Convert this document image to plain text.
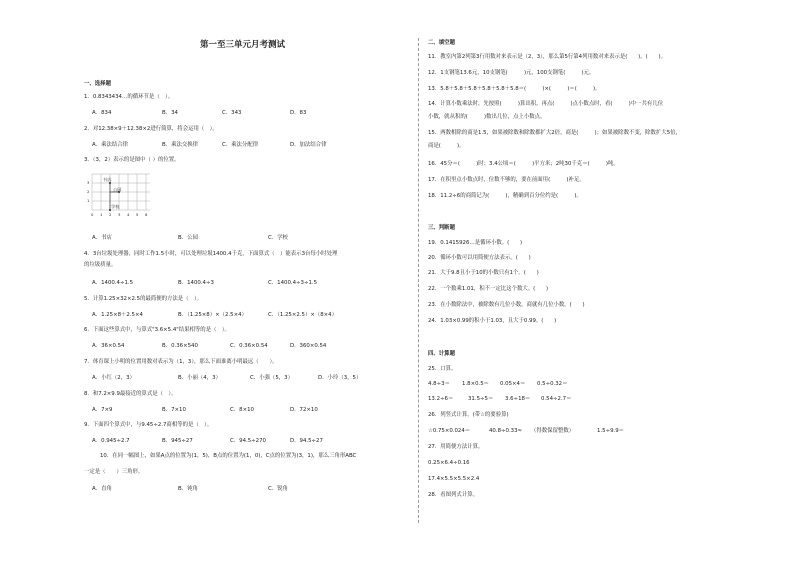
第一至三单元月考测试
一、选择题
1．0.8343434…的循环节是（　）。
A．834	B．34	C．343	D．83
2．对12.38×9＋12.38×2进行简算，将会运用（　）。
A．乘法结合律	B．乘法交换律	C．乘法分配律	D．加法结合律
3．（3，2）表示的是图中（ ）的位置。
书店
公园
学校
3
2
1
0 1 2 3 4 5 6
A．书店	B．公园	C．学校
4．3台垃圾处理器，同时工作1.5小时，可以处理垃圾1400.4千克，下面算式（　）能表示3台每小时处理
的垃圾质量。
A．1400.4÷1.5	B．1400.4÷3	C．1400.4÷3÷1.5
5．计算1.25×32×2.5的最简便的方法是（　）。
A．1.25×8＋2.5×4	B．（1.25×8）×（2.5×4）	C．（1.25×2.5）×（8×4）
6．下面这些算式中，与算式"3.6×5.4"结果相等的是（　）。
A．36×0.54	B．0.36×540	C．0.36×0.54	D．360×0.54
7．体育课上小明的位置用数对表示为（1，3），那么下面谁离小明最远（　　）。
A．小红（2，3）	B．小丽（4，3）	C．小强（5，3）	D．小玲（3，5）
8．和7.2×9.9最接近的算式是（　）。
A．7×9	B．7×10	C．8×10	D．72×10
9．下面四个算式中，与9.45÷2.7商相等的是（　）。
A．0.945÷2.7	B．945÷27	C．94.5÷270	D．94.5÷27
10．在同一幅图上，如果A点的位置为(1，5)，B点的位置为(1，0)，C点的位置为(3，1)，那么三角形ABC
一定是（　　）三角形。
A．直角	B．钝角	C．锐角
二、填空题
11．教室内第2列第3行用数对来表示是（2，3），那么第5行第4列用数对来表示是(　　)。(　　)。
12．1支钢笔13.6元，10支钢笔(　　　)元，100支钢笔(　　　)元。
13．5.8＋5.8＋5.8＋5.8＋5.8＋5.8＝(　　　)×(　　　)＝(　　　)。
14．计算小数乘法时，先按照(　　　)算出积，再点(　　　)点小数点时，看(　　　)中一共有几位
小数，就从积的(　　　)数出几位，点上小数点。
15．两数相除的商是1.5，如果被除数和除数都扩大2倍，商是(　　　)；如果被除数不变，除数扩大5倍，
商是(　　　)。
16．45分＝(　　　)时；3.4公顷＝(　　　)平方米；2吨30千克＝(　　　)吨。
17．在积里点小数点时，位数不够的，要在前面用(　　　)补足。
18．11.2÷6的商简记为(　　　)，精确到百分位约是(　　　)。
三、判断题
19．0.1415926…是循环小数。(　　)
20．循环小数可以用简便方法表示。(　　)
21．大于9.8且小于10的小数只有1个。(　　)
22．一个数乘1.01，积不一定比这个数大。(　　)
23．在小数除法中，被除数有几位小数，商就有几位小数。(　　)
24．1.03×0.99的积小于1.03，且大于0.99。(　　)
四、计算题
25．口算。
4.8÷3＝ 1.8×0.5＝ 0.05×4＝ 0.5÷0.32＝
13.2÷6＝	31.5÷5＝ 3.6÷18＝ 0.54÷2.7＝
26．列竖式计算。(带☆的要验算)
☆0.75×0.024＝	40.8÷0.33≈ （得数保留整数）	1.5÷9.9＝
27．用简便方法计算。
0.25×6.4÷0.16
17.4×5.5×5.5×2.4
28．看图列式计算。
